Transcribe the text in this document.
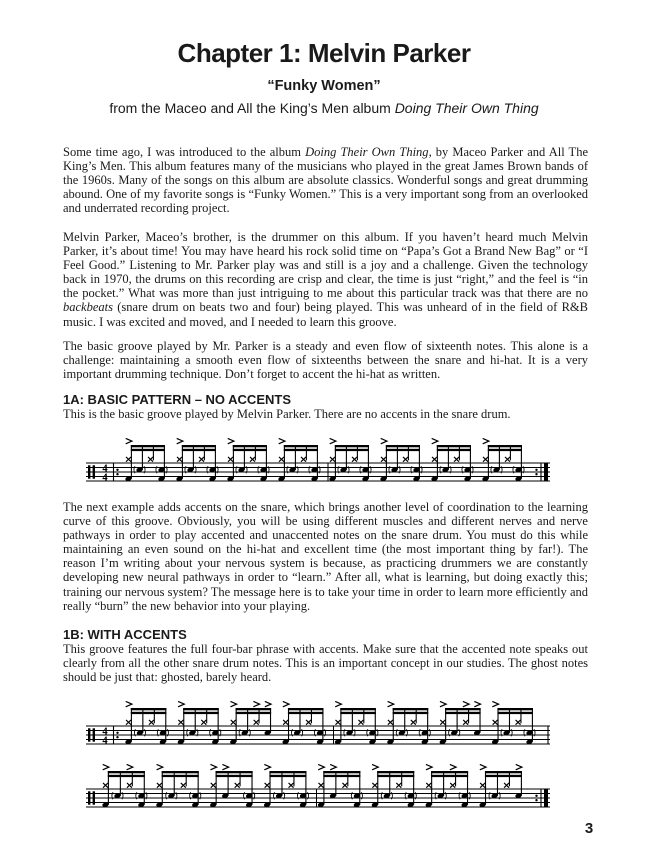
Chapter 1: Melvin Parker
“Funky Women”
from the Maceo and All the King’s Men album Doing Their Own Thing

Some time ago, I was introduced to the album Doing Their Own Thing, by Maceo Parker and All The King’s Men. This album features many of the musicians who played in the great James Brown bands of the 1960s. Many of the songs on this album are absolute classics. Wonderful songs and great drumming abound. One of my favorite songs is “Funky Women.” This is a very important song from an overlooked and underrated recording project.

Melvin Parker, Maceo’s brother, is the drummer on this album. If you haven’t heard much Melvin Parker, it’s about time! You may have heard his rock solid time on “Papa’s Got a Brand New Bag” or “I Feel Good.” Listening to Mr. Parker play was and still is a joy and a challenge. Given the technology back in 1970, the drums on this recording are crisp and clear, the time is just “right,” and the feel is “in the pocket.” What was more than just intriguing to me about this particular track was that there are no backbeats (snare drum on beats two and four) being played. This was unheard of in the field of R&B music. I was excited and moved, and I needed to learn this groove.

The basic groove played by Mr. Parker is a steady and even flow of sixteenth notes. This alone is a challenge: maintaining a smooth even flow of sixteenths between the snare and hi-hat. It is a very important drumming technique. Don’t forget to accent the hi-hat as written.

1A: BASIC PATTERN – NO ACCENTS

This is the basic groove played by Melvin Parker. There are no accents in the snare drum.

4
4

The next example adds accents on the snare, which brings another level of coordination to the learning curve of this groove. Obviously, you will be using different muscles and different nerves and nerve pathways in order to play accented and unaccented notes on the snare drum. You must do this while maintaining an even sound on the hi-hat and excellent time (the most important thing by far!). The reason I’m writing about your nervous system is because, as practicing drummers we are constantly developing new neural pathways in order to “learn.” After all, what is learning, but doing exactly this; training our nervous system? The message here is to take your time in order to learn more efficiently and really “burn” the new behavior into your playing.

1B: WITH ACCENTS

This groove features the full four-bar phrase with accents. Make sure that the accented note speaks out clearly from all the other snare drum notes. This is an important concept in our studies. The ghost notes should be just that: ghosted, barely heard.

4
4
3
